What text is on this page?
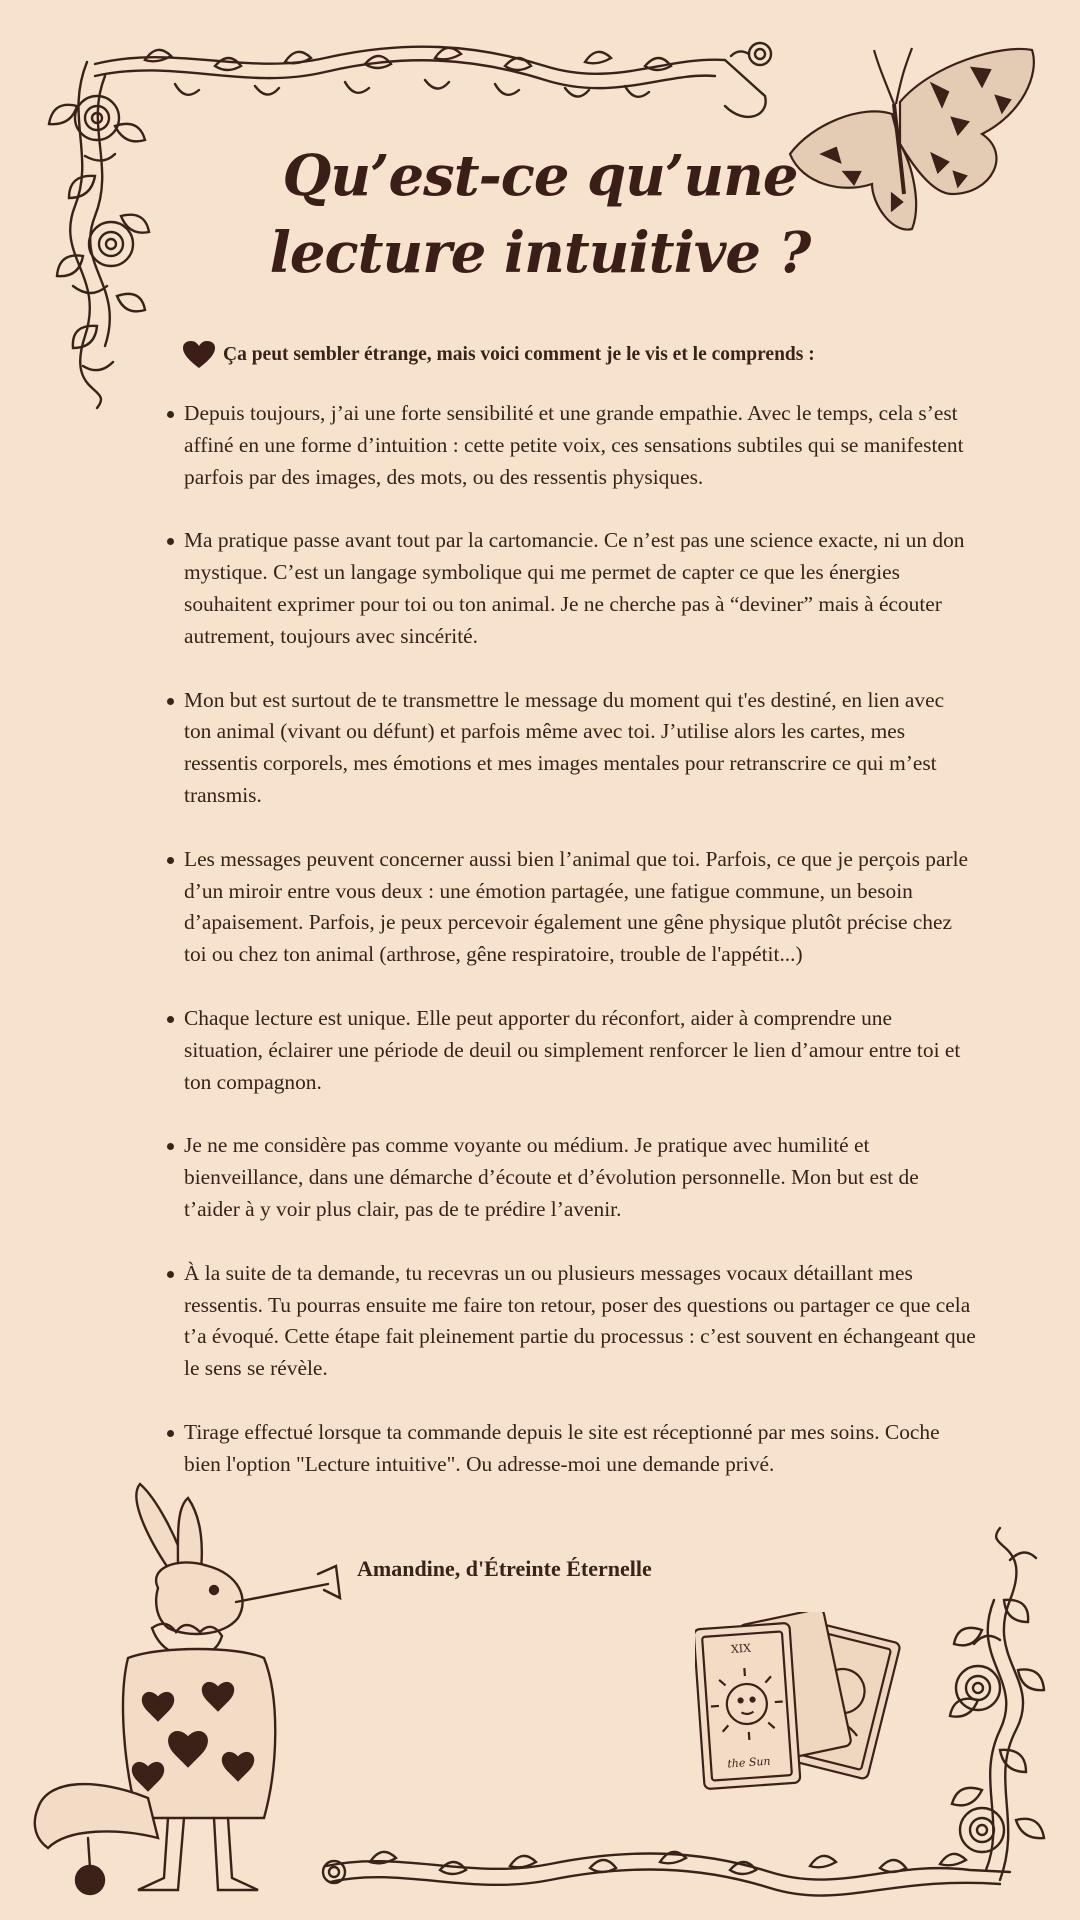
Qu’est-ce qu’une
lecture intuitive ?
Ça peut sembler étrange, mais voici comment je le vis et le comprends :
Depuis toujours, j’ai une forte sensibilité et une grande empathie. Avec le temps, cela s’est affiné en une forme d’intuition : cette petite voix, ces sensations subtiles qui se manifestent parfois par des images, des mots, ou des ressentis physiques.
Ma pratique passe avant tout par la cartomancie. Ce n’est pas une science exacte, ni un don mystique. C’est un langage symbolique qui me permet de capter ce que les énergies souhaitent exprimer pour toi ou ton animal. Je ne cherche pas à “deviner” mais à écouter autrement, toujours avec sincérité.
Mon but est surtout de te transmettre le message du moment qui t'es destiné, en lien avec ton animal (vivant ou défunt) et parfois même avec toi. J’utilise alors les cartes, mes ressentis corporels, mes émotions et mes images mentales pour retranscrire ce qui m’est transmis.
Les messages peuvent concerner aussi bien l’animal que toi. Parfois, ce que je perçois parle d’un miroir entre vous deux : une émotion partagée, une fatigue commune, un besoin d’apaisement. Parfois, je peux percevoir également une gêne physique plutôt précise chez toi ou chez ton animal (arthrose, gêne respiratoire, trouble de l'appétit...)
Chaque lecture est unique. Elle peut apporter du réconfort, aider à comprendre une situation, éclairer une période de deuil ou simplement renforcer le lien d’amour entre toi et ton compagnon.
Je ne me considère pas comme voyante ou médium. Je pratique avec humilité et bienveillance, dans une démarche d’écoute et d’évolution personnelle. Mon but est de t’aider à y voir plus clair, pas de te prédire l’avenir.
À la suite de ta demande, tu recevras un ou plusieurs messages vocaux détaillant mes ressentis. Tu pourras ensuite me faire ton retour, poser des questions ou partager ce que cela t’a évoqué. Cette étape fait pleinement partie du processus : c’est souvent en échangeant que le sens se révèle.
Tirage effectué lorsque ta commande depuis le site est réceptionné par mes soins. Coche bien l'option "Lecture intuitive". Ou adresse-moi une demande privé.
Amandine, d'Étreinte Éternelle
XIX
the Sun
